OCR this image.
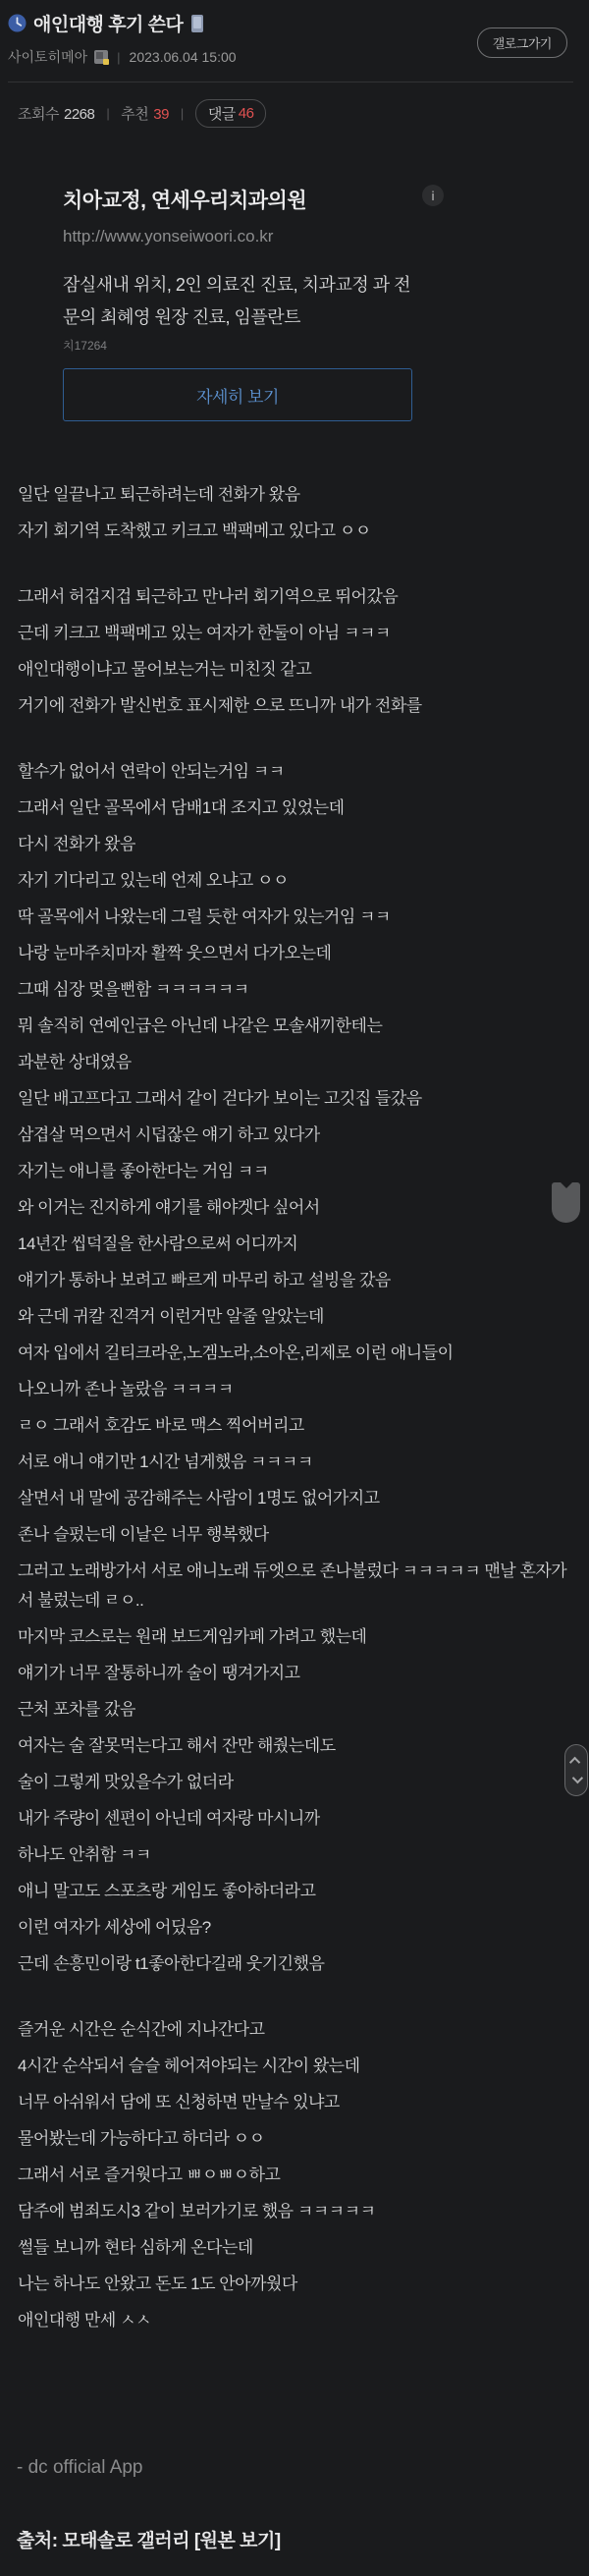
애인대행 후기 쓴다
사이토히메아 | 2023.06.04 15:00
갤로그가기
조회수 2268 | 추천 39 | 댓글 46
i
치아교정, 연세우리치과의원
http://www.yonseiwoori.co.kr
잠실새내 위치, 2인 의료진 진료, 치과교정 과 전문의 최혜영 원장 진료, 임플란트
치17264
자세히 보기

일단 일끝나고 퇴근하려는데 전화가 왔음

자기 회기역 도착했고 키크고 백팩메고 있다고 ㅇㅇ

그래서 허겁지겁 퇴근하고 만나러 회기역으로 뛰어갔음

근데 키크고 백팩메고 있는 여자가 한둘이 아님 ㅋㅋㅋ

애인대행이냐고 물어보는거는 미친짓 같고

거기에 전화가 발신번호 표시제한 으로 뜨니까 내가 전화를

할수가 없어서 연락이 안되는거임 ㅋㅋ

그래서 일단 골목에서 담배1대 조지고 있었는데

다시 전화가 왔음

자기 기다리고 있는데 언제 오냐고 ㅇㅇ

딱 골목에서 나왔는데 그럴 듯한 여자가 있는거임 ㅋㅋ

나랑 눈마주치마자 활짝 웃으면서 다가오는데

그때 심장 멎을뻔함 ㅋㅋㅋㅋㅋㅋ

뭐 솔직히 연예인급은 아닌데 나같은 모솔새끼한테는

과분한 상대였음

일단 배고프다고 그래서 같이 걷다가 보이는 고깃집 들갔음

삼겹살 먹으면서 시덥잖은 얘기 하고 있다가

자기는 애니를 좋아한다는 거임 ㅋㅋ

와 이거는 진지하게 얘기를 해야겟다 싶어서

14년간 씹덕질을 한사람으로써 어디까지

얘기가 통하나 보려고 빠르게 마무리 하고 설빙을 갔음

와 근데 귀칼 진격거 이런거만 알줄 알았는데

여자 입에서 길티크라운,노겜노라,소아온,리제로 이런 애니들이

나오니까 존나 놀랐음 ㅋㅋㅋㅋ

ㄹㅇ 그래서 호감도 바로 맥스 찍어버리고

서로 애니 얘기만 1시간 넘게했음 ㅋㅋㅋㅋ

살면서 내 말에 공감해주는 사람이 1명도 없어가지고

존나 슬펐는데 이날은 너무 행복했다

그러고 노래방가서 서로 애니노래 듀엣으로 존나불렀다 ㅋㅋㅋㅋㅋ 맨날 혼자가서 불렀는데 ㄹㅇ..

마지막 코스로는 원래 보드게임카페 가려고 했는데

얘기가 너무 잘통하니까 술이 땡겨가지고

근처 포차를 갔음

여자는 술 잘못먹는다고 해서 잔만 해줬는데도

술이 그렇게 맛있을수가 없더라

내가 주량이 센편이 아닌데 여자랑 마시니까

하나도 안취함 ㅋㅋ

애니 말고도 스포츠랑 게임도 좋아하더라고

이런 여자가 세상에 어딨음?

근데 손흥민이랑 t1좋아한다길래 웃기긴했음

즐거운 시간은 순식간에 지나간다고

4시간 순삭되서 슬슬 헤어져야되는 시간이 왔는데

너무 아쉬워서 담에 또 신청하면 만날수 있냐고

물어봤는데 가능하다고 하더라 ㅇㅇ

그래서 서로 즐거웟다고 ㅃㅇㅃㅇ하고

담주에 범죄도시3 같이 보러가기로 했음 ㅋㅋㅋㅋㅋ

썰들 보니까 현타 심하게 온다는데

나는 하나도 안왔고 돈도 1도 안아까웠다

애인대행 만세 ㅅㅅ

- dc official App
출처: 모태솔로 갤러리 [원본 보기]
